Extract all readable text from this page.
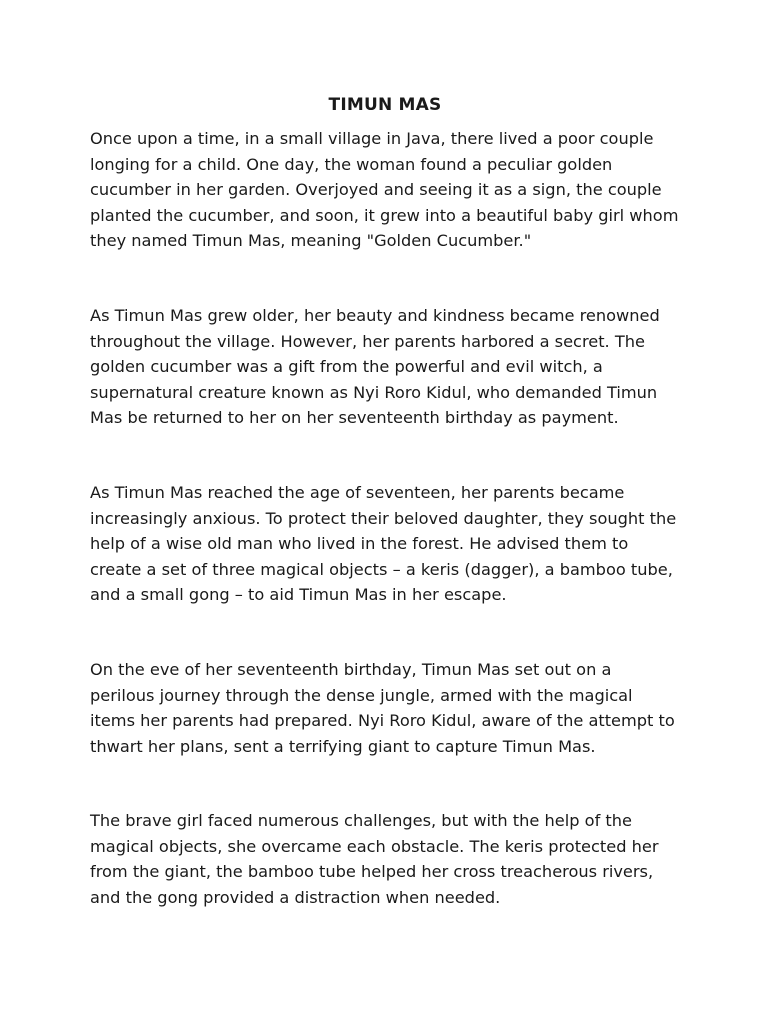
TIMUN MAS

Once upon a time, in a small village in Java, there lived a poor couple longing for a child. One day, the woman found a peculiar golden cucumber in her garden. Overjoyed and seeing it as a sign, the couple planted the cucumber, and soon, it grew into a beautiful baby girl whom they named Timun Mas, meaning "Golden Cucumber."

As Timun Mas grew older, her beauty and kindness became renowned throughout the village. However, her parents harbored a secret. The golden cucumber was a gift from the powerful and evil witch, a supernatural creature known as Nyi Roro Kidul, who demanded Timun Mas be returned to her on her seventeenth birthday as payment.

As Timun Mas reached the age of seventeen, her parents became increasingly anxious. To protect their beloved daughter, they sought the help of a wise old man who lived in the forest. He advised them to create a set of three magical objects – a keris (dagger), a bamboo tube, and a small gong – to aid Timun Mas in her escape.

On the eve of her seventeenth birthday, Timun Mas set out on a perilous journey through the dense jungle, armed with the magical items her parents had prepared. Nyi Roro Kidul, aware of the attempt to thwart her plans, sent a terrifying giant to capture Timun Mas.

The brave girl faced numerous challenges, but with the help of the magical objects, she overcame each obstacle. The keris protected her from the giant, the bamboo tube helped her cross treacherous rivers, and the gong provided a distraction when needed.
